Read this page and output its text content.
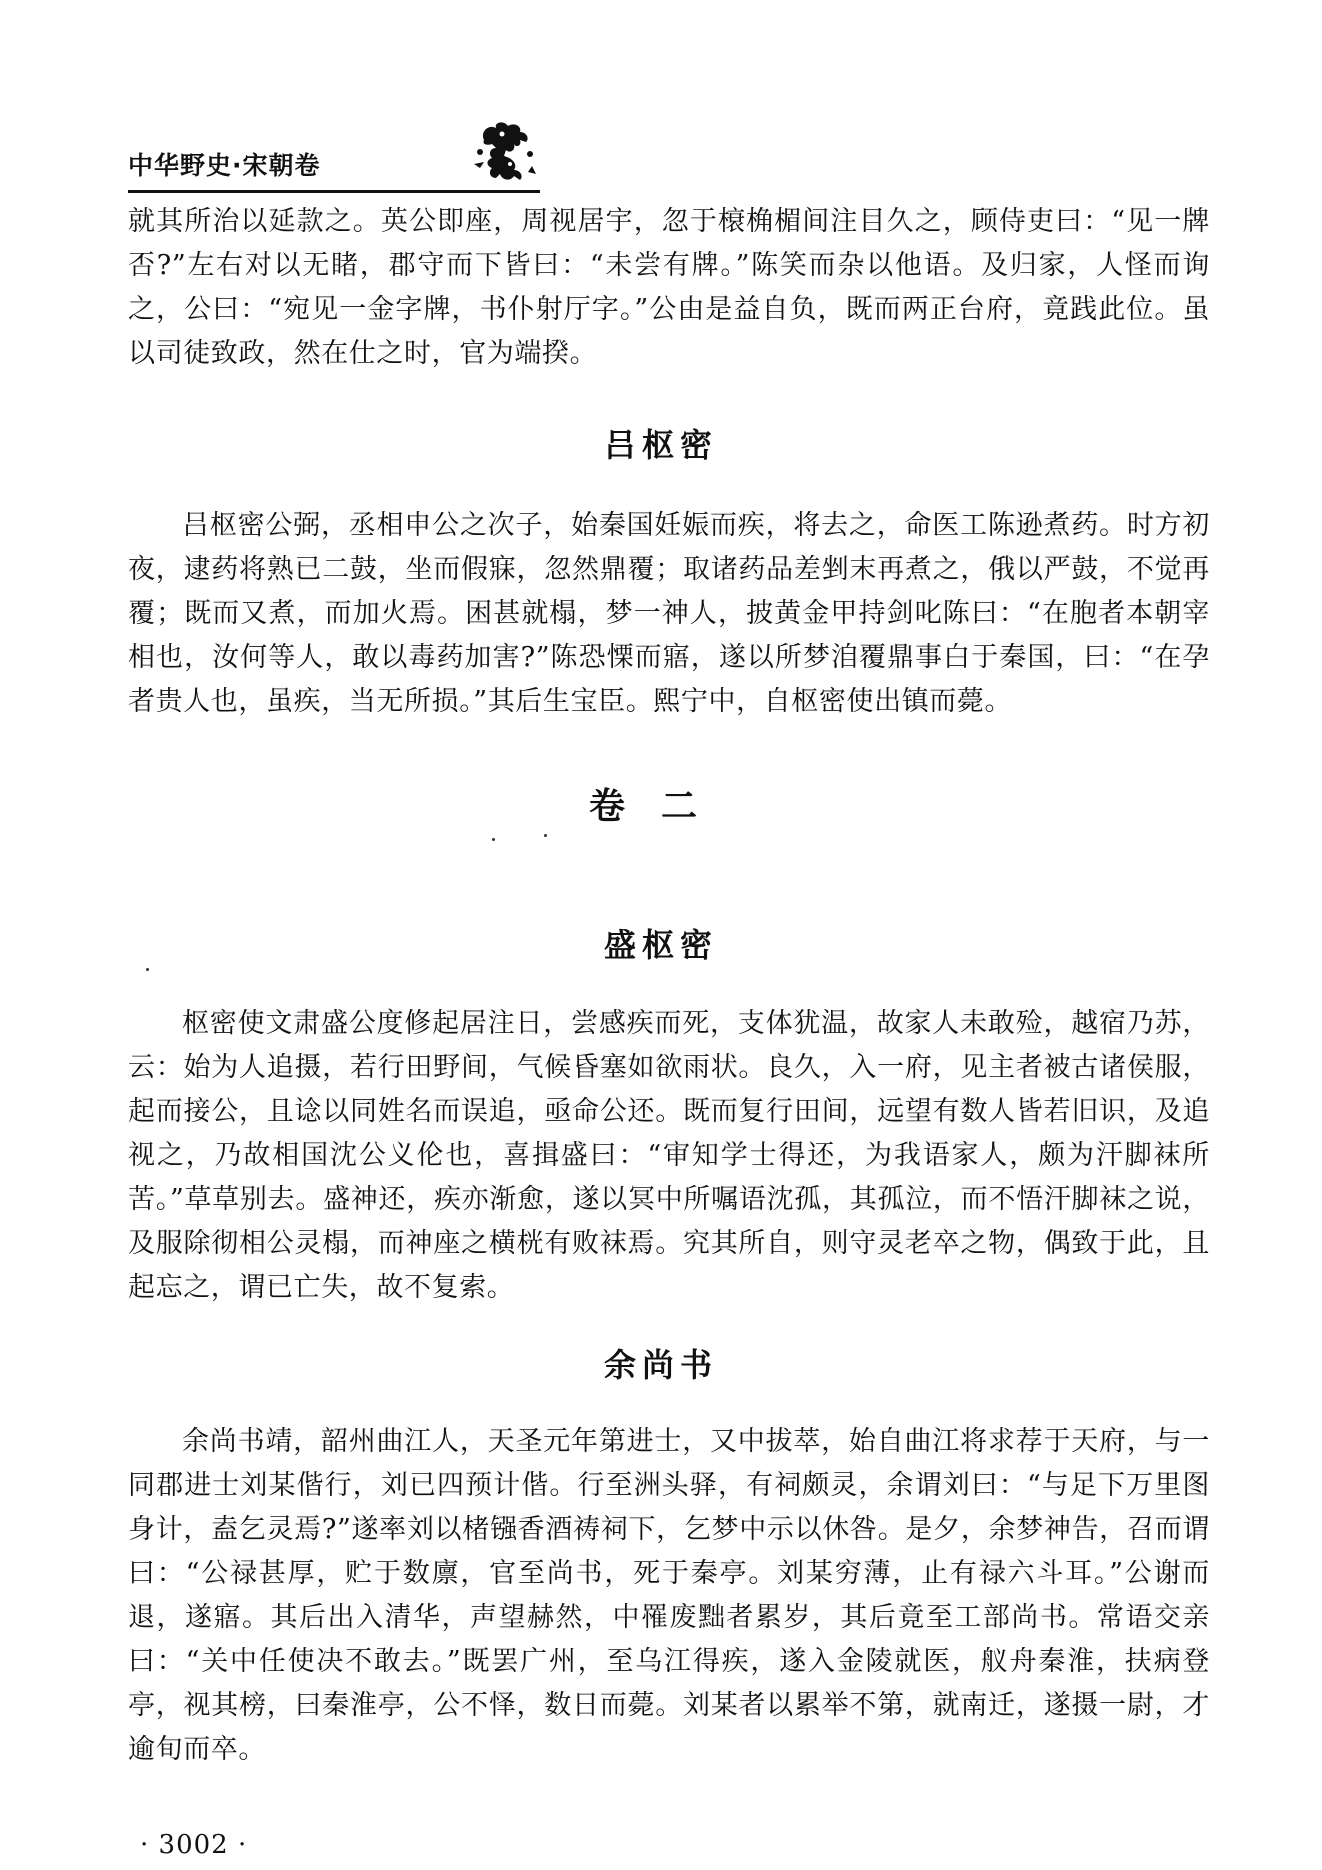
中华野史·宋朝卷

就其所治以延款之。英公即座，周视居宇，忽于榱桷楣间注目久之，顾侍吏曰：“见一牌否?”左右对以无睹，郡守而下皆曰：“未尝有牌。”陈笑而杂以他语。及归家，人怪而询之，公曰：“宛见一金字牌，书仆射厅字。”公由是益自负，既而两正台府，竟践此位。虽以司徒致政，然在仕之时，官为端揆。

吕枢密

吕枢密公弼，丞相申公之次子，始秦国妊娠而疾，将去之，命医工陈逊煮药。时方初夜，逮药将熟已二鼓，坐而假寐，忽然鼎覆；取诸药品差剉末再煮之，俄以严鼓，不觉再覆；既而又煮，而加火焉。困甚就榻，梦一神人，披黄金甲持剑叱陈曰：“在胞者本朝宰相也，汝何等人，敢以毒药加害?”陈恐慄而寤，遂以所梦洎覆鼎事白于秦国，曰：“在孕者贵人也，虽疾，当无所损。”其后生宝臣。熙宁中，自枢密使出镇而薨。

卷二
盛枢密

枢密使文肃盛公度修起居注日，尝感疾而死，支体犹温，故家人未敢殓，越宿乃苏，云：始为人追摄，若行田野间，气候昏塞如欲雨状。良久，入一府，见主者被古诸侯服，起而接公，且谂以同姓名而误追，亟命公还。既而复行田间，远望有数人皆若旧识，及追视之，乃故相国沈公义伦也，喜揖盛曰：“审知学士得还，为我语家人，颇为汗脚袜所苦。”草草别去。盛神还，疾亦渐愈，遂以冥中所嘱语沈孤，其孤泣，而不悟汗脚袜之说，及服除彻相公灵榻，而神座之横桄有败袜焉。究其所自，则守灵老卒之物，偶致于此，且起忘之，谓已亡失，故不复索。

余尚书

余尚书靖，韶州曲江人，天圣元年第进士，又中拔萃，始自曲江将求荐于天府，与一同郡进士刘某偕行，刘已四预计偕。行至洲头驿，有祠颇灵，余谓刘曰：“与足下万里图身计，盍乞灵焉?”遂率刘以楮镪香酒祷祠下，乞梦中示以休咎。是夕，余梦神告，召而谓曰：“公禄甚厚，贮于数廪，官至尚书，死于秦亭。刘某穷薄，止有禄六斗耳。”公谢而退，遂寤。其后出入清华，声望赫然，中罹废黜者累岁，其后竟至工部尚书。常语交亲曰：“关中任使决不敢去。”既罢广州，至乌江得疾，遂入金陵就医，舣舟秦淮，扶病登亭，视其榜，曰秦淮亭，公不怿，数日而薨。刘某者以累举不第，就南迁，遂摄一尉，才逾旬而卒。

· 3002 ·
